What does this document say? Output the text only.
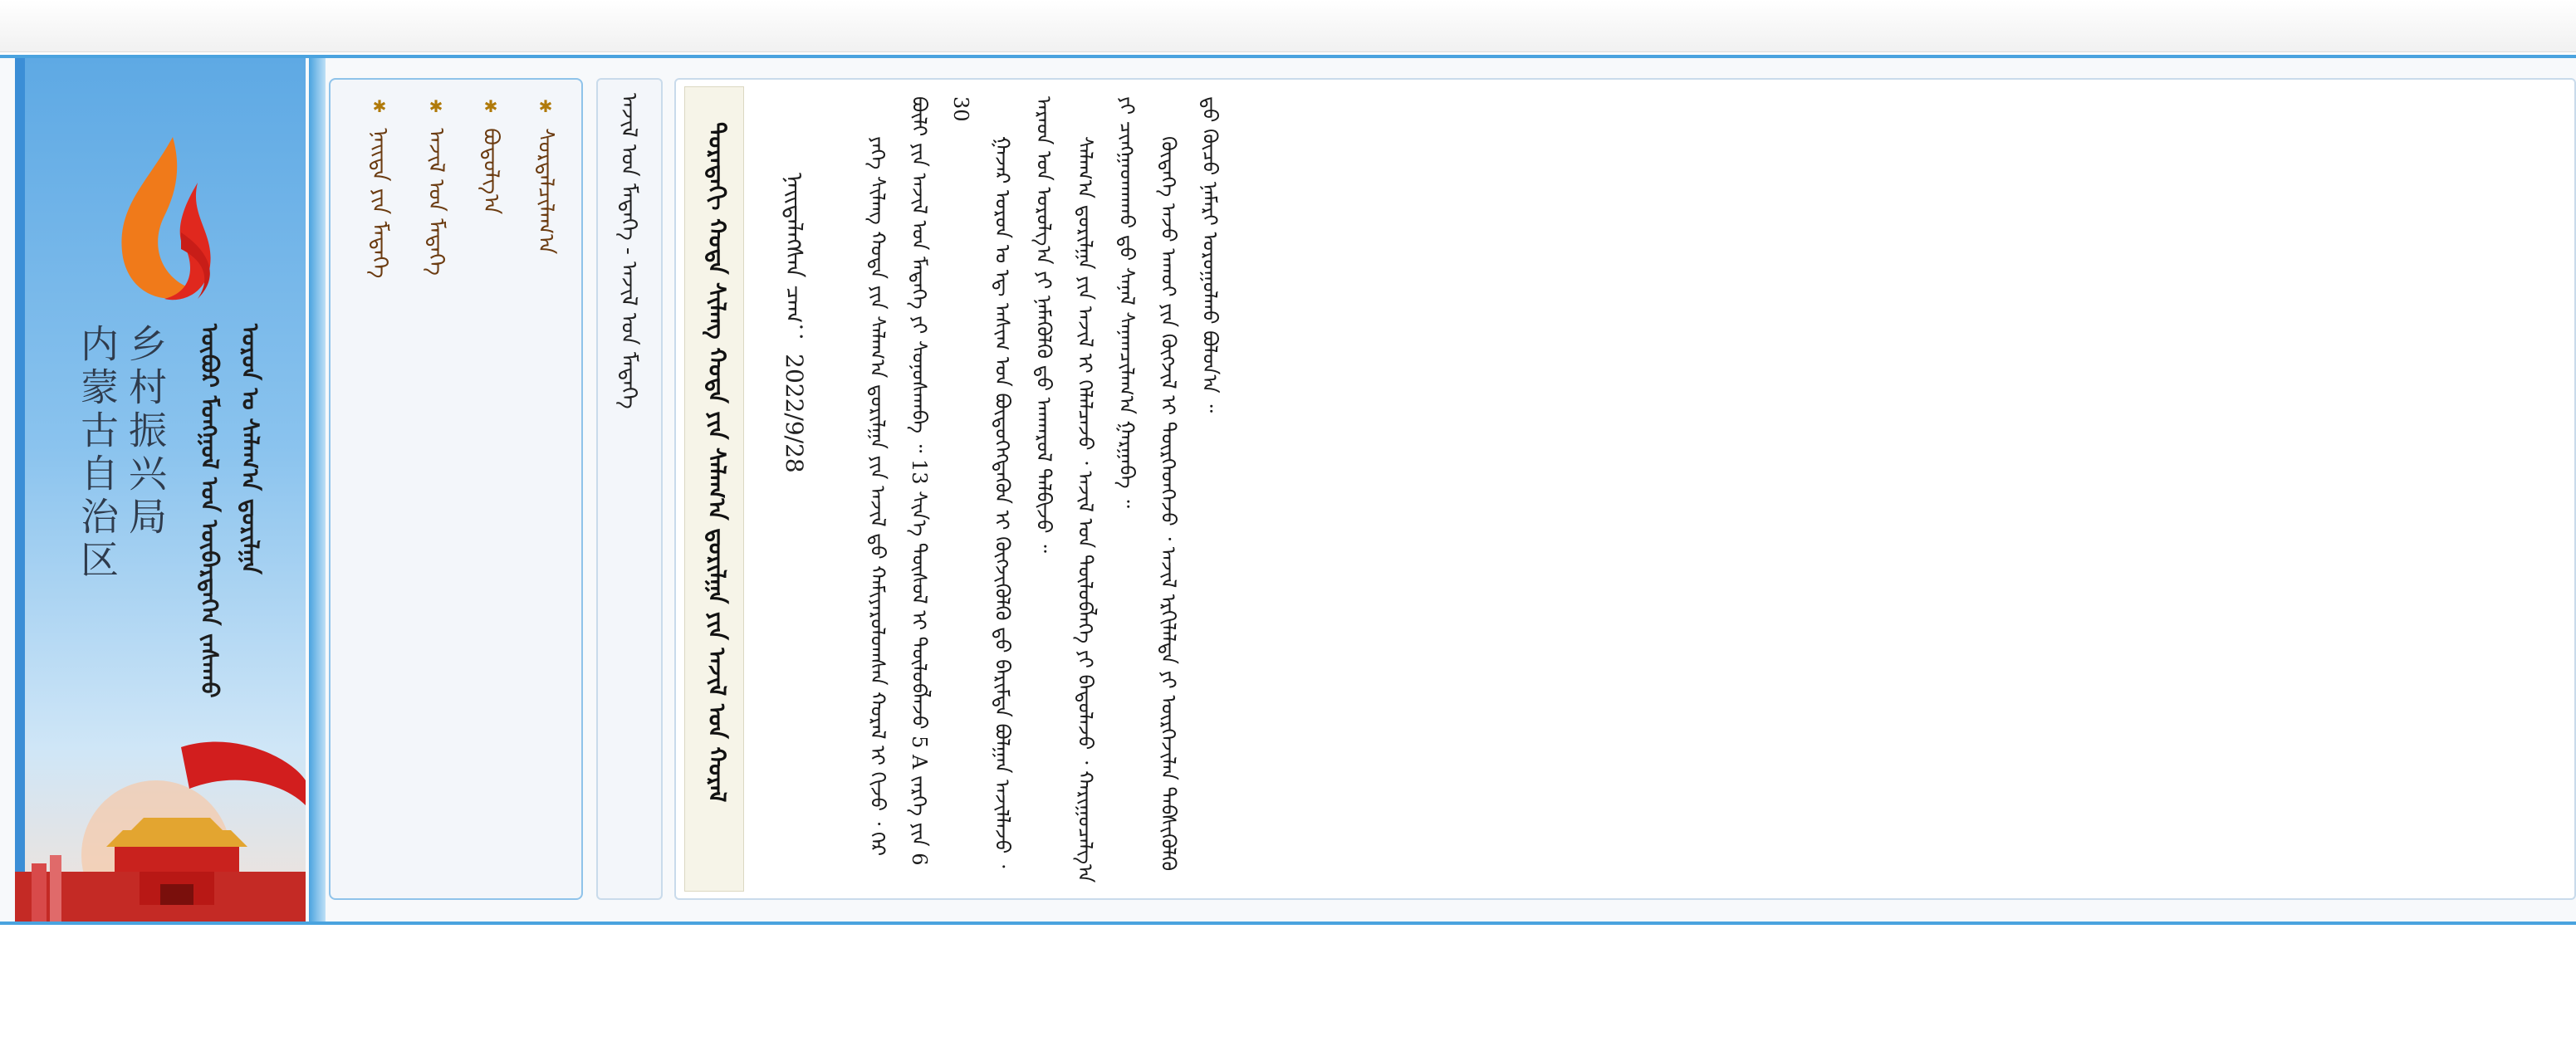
乡村振兴局
内蒙古自治区	ᠥᠪᠥᠷ ᠮᠣᠩᠭᠣᠯ ᠤᠨ ᠥᠪᠡᠷᠲᠡᠭᠡᠨ ᠵᠠᠰᠠᠬᠤ ᠣᠷᠣᠨ ᠤ ᠰᠠᠯᠠᠭ᠎ᠠ ᠳ᠋ᠤᠷᠢᠯᠭᠠ
✱ ᠨᠡᠢᠲᠡ ᠶᠢᠨ ᠮᠡᠳᠡᠭᠡ
✱ ᠠᠵᠢᠯ ᠤᠨ ᠮᠡᠳᠡᠭᠡ
✱ ᠪᠣᠳᠣᠯᠭ᠎ᠠ
✱ ᠰᠤᠷᠲᠠᠯᠴᠢᠯᠠᠭ᠎ᠠ	ᠠᠵᠢᠯ ᠤᠨ ᠮᠡᠳᠡᠭᠡ - ᠠᠵᠢᠯ ᠤᠨ ᠮᠡᠳᠡᠭᠡ	ᠲᠣᠷᠠᠳᠠᠬᠢ ᠬᠣᠳᠠ ᠰᠢᠯᠠᠩ ᠬᠣᠲᠠ ᠶᠢᠨ ᠰᠠᠯᠠᠭ᠎ᠠ ᠳ᠋ᠤᠷᠢᠯᠭᠠ ᠶᠢᠨ ᠠᠵᠢᠯ ᠤᠨ ᠬᠤᠷᠠᠯ ᠨᠡᠢᠲᠡᠯᠡᠭᠰᠡᠨ ᠴᠠᠭ： 2022/9/28	ᠶᠡᠬᠡ ᠰᠢᠯᠠᠩ ᠬᠣᠲᠠ ᠶᠢᠨ ᠰᠠᠯᠠᠭ᠎ᠠ ᠳ᠋ᠤᠷᠢᠯᠭᠠ ᠶᠢᠨ ᠠᠵᠢᠯ ᠳ᠋ᠤ ᠬᠠᠮᠢᠶᠠᠷᠤᠯᠤᠭᠰᠠᠨ ᠬᠤᠷᠠᠯ ᠢ ᠬᠢᠵᠦ ᠂ ᠭᠡᠷ ᠪᠦᠯᠢ ᠶᠢᠨ ᠠᠵᠢᠯ ᠤᠨ ᠮᠡᠳᠡᠭᠡ ᠶᠢ ᠰᠣᠨᠣᠰᠬᠠᠪᠠ ᠃ 13 ᠰᠢᠨ᠎ᠡ ᠲᠥᠰᠥᠯ ᠢ ᠲᠥᠯᠥᠪᠯᠡᠵᠦ 5 A ᠵᠡᠷᠭᠡ ᠶᠢᠨ 6 30

ᠭᠠᠵᠠᠷ ᠣᠷᠣᠨ ᠤ ᠡᠳ᠋ ᠠᠰᠢᠭ ᠤᠨ ᠪᠦᠲᠦᠭᠡᠭᠳᠡᠬᠦᠨ ᠢ ᠬᠥᠭᠵᠢᠭᠦᠯᠬᠦ ᠳ᠋ᠤ ᠪᠠᠷᠢᠮᠲᠠ ᠪᠣᠯᠭᠠᠨ ᠠᠵᠢᠯᠯᠠᠵᠤ ᠂ ᠠᠷᠠᠳ ᠤᠨ ᠣᠷᠣᠯᠭ᠎ᠠ ᠶᠢ ᠨᠡᠮᠡᠭᠦᠯᠬᠦ ᠳ᠋ᠤ ᠠᠨᠬᠠᠷᠤᠯ ᠲᠠᠯᠪᠢᠵᠤ ᠃ ᠰᠠᠯᠠᠭ᠎ᠠ ᠳ᠋ᠤᠷᠢᠯᠭᠠ ᠶᠢᠨ ᠠᠵᠢᠯ ᠢ ᠬᠡᠯᠡᠯᠴᠡᠵᠦ ᠂ ᠠᠵᠢᠯ ᠤᠨ ᠲᠥᠯᠥᠪᠯᠡᠭᠡ ᠶᠢ ᠪᠠᠲᠤᠯᠠᠵᠤ ᠂ ᠬᠠᠷᠢᠭᠤᠴᠠᠯᠭ᠎ᠠ ᠶᠢ ᠴᠢᠩᠭᠠᠳᠬᠠᠬᠤ ᠳ᠋ᠤ ᠰᠠᠨᠠᠯ ᠰᠠᠨᠠᠭᠴᠢᠯᠠᠭ᠎ᠠ ᠭᠠᠷᠭᠠᠪᠠ ᠃ ᠬᠥᠳᠡᠭᠡ ᠠᠵᠤ ᠠᠬᠤᠢ ᠶᠢᠨ ᠬᠥᠭᠵᠢᠯ ᠢ ᠲᠦᠷᠭᠡᠳᠬᠡᠵᠦ ᠂ ᠠᠵᠢᠯ ᠡᠷᠬᠢᠯᠡᠯᠲᠡ ᠶᠢ ᠦᠷᠭᠡᠵᠢᠯᠡᠨ ᠳᠡᠪᠰᠢᠭᠦᠯᠬᠦ ᠳ᠋ᠤ ᠬᠦᠴᠦ ᠨᠡᠮᠡᠷᠢ ᠣᠷᠣᠭᠤᠯᠬᠤ ᠪᠣᠯᠤᠨ᠎ᠠ ᠃
